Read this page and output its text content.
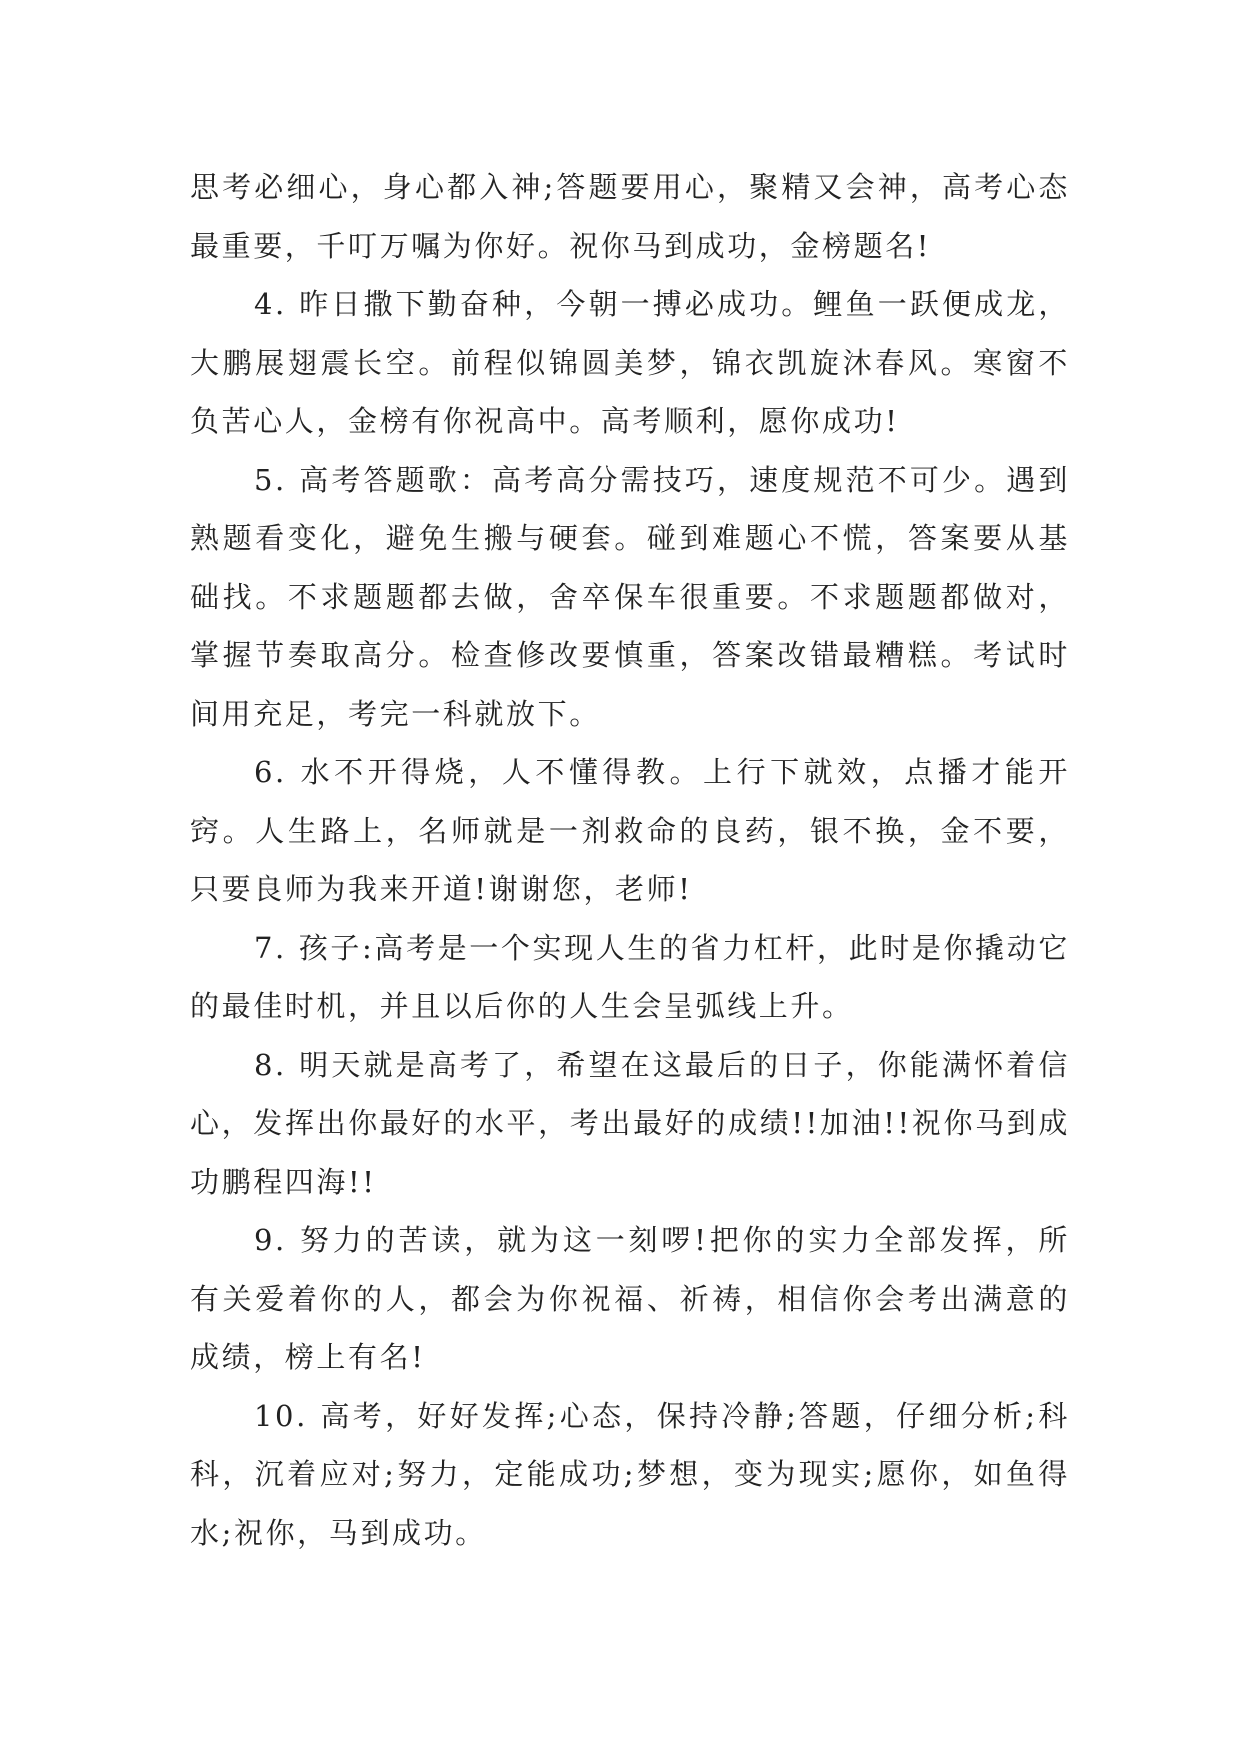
思考必细心，身心都入神;答题要用心，聚精又会神，高考心态最重要，千叮万嘱为你好。祝你马到成功，金榜题名!

4. 昨日撒下勤奋种，今朝一搏必成功。鲤鱼一跃便成龙，大鹏展翅震长空。前程似锦圆美梦，锦衣凯旋沐春风。寒窗不负苦心人，金榜有你祝高中。高考顺利，愿你成功!

5. 高考答题歌：高考高分需技巧，速度规范不可少。遇到熟题看变化，避免生搬与硬套。碰到难题心不慌，答案要从基础找。不求题题都去做，舍卒保车很重要。不求题题都做对，掌握节奏取高分。检查修改要慎重，答案改错最糟糕。考试时间用充足，考完一科就放下。

6. 水不开得烧，人不懂得教。上行下就效，点播才能开窍。人生路上，名师就是一剂救命的良药，银不换，金不要，只要良师为我来开道!谢谢您，老师!

7. 孩子:高考是一个实现人生的省力杠杆，此时是你撬动它的最佳时机，并且以后你的人生会呈弧线上升。

8. 明天就是高考了，希望在这最后的日子，你能满怀着信心，发挥出你最好的水平，考出最好的成绩!!加油!!祝你马到成功鹏程四海!!

9. 努力的苦读，就为这一刻啰!把你的实力全部发挥，所有关爱着你的人，都会为你祝福、祈祷，相信你会考出满意的成绩，榜上有名!

10. 高考，好好发挥;心态，保持冷静;答题，仔细分析;科科，沉着应对;努力，定能成功;梦想，变为现实;愿你，如鱼得水;祝你，马到成功。
